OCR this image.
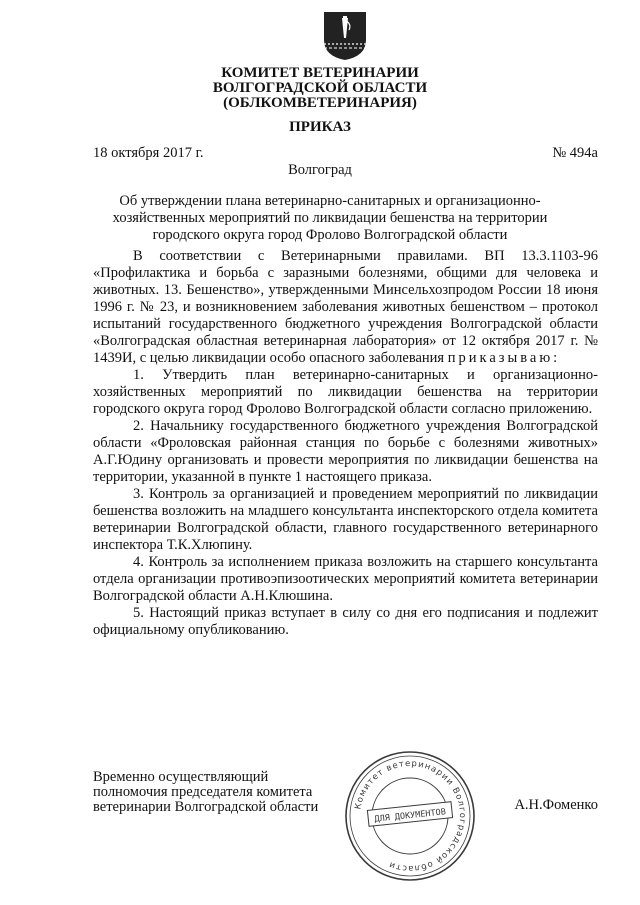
КОМИТЕТ ВЕТЕРИНАРИИ
ВОЛГОГРАДСКОЙ ОБЛАСТИ
(ОБЛКОМВЕТЕРИНАРИЯ)
ПРИКАЗ
18 октября 2017 г.	№ 494а
Волгоград
Об утверждении плана ветеринарно-санитарных и организационно-
хозяйственных мероприятий по ликвидации бешенства на территории
городского округа город Фролово Волгоградской области

В соответствии с Ветеринарными правилами. ВП 13.3.1103-96 «Профилактика и борьба с заразными болезнями, общими для человека и животных. 13. Бешенство», утвержденными Минсельхозпродом России 18 июня 1996 г. № 23, и возникновением заболевания животных бешенством – протокол испытаний государственного бюджетного учреждения Волгоградской области «Волгоградская областная ветеринарная лаборатория» от 12 октября 2017 г. № 1439И, с целью ликвидации особо опасного заболевания приказываю:

1. Утвердить план ветеринарно-санитарных и организационно-хозяйственных мероприятий по ликвидации бешенства на территории городского округа город Фролово Волгоградской области согласно приложению.

2. Начальнику государственного бюджетного учреждения Волгоградской области «Фроловская районная станция по борьбе с болезнями животных» А.Г.Юдину организовать и провести мероприятия по ликвидации бешенства на территории, указанной в пункте 1 настоящего приказа.

3. Контроль за организацией и проведением мероприятий по ликвидации бешенства возложить на младшего консультанта инспекторского отдела комитета ветеринарии Волгоградской области, главного государственного ветеринарного инспектора Т.К.Хлюпину.

4. Контроль за исполнением приказа возложить на старшего консультанта отдела организации противоэпизоотических мероприятий комитета ветеринарии Волгоградской области А.Н.Клюшина.

5. Настоящий приказ вступает в силу со дня его подписания и подлежит официальному опубликованию.

Временно осуществляющий
полномочия председателя комитета
ветеринарии Волгоградской области	Комитет ветеринарии Волгоградской области
ДЛЯ ДОКУМЕНТОВ
А.Н.Фоменко
